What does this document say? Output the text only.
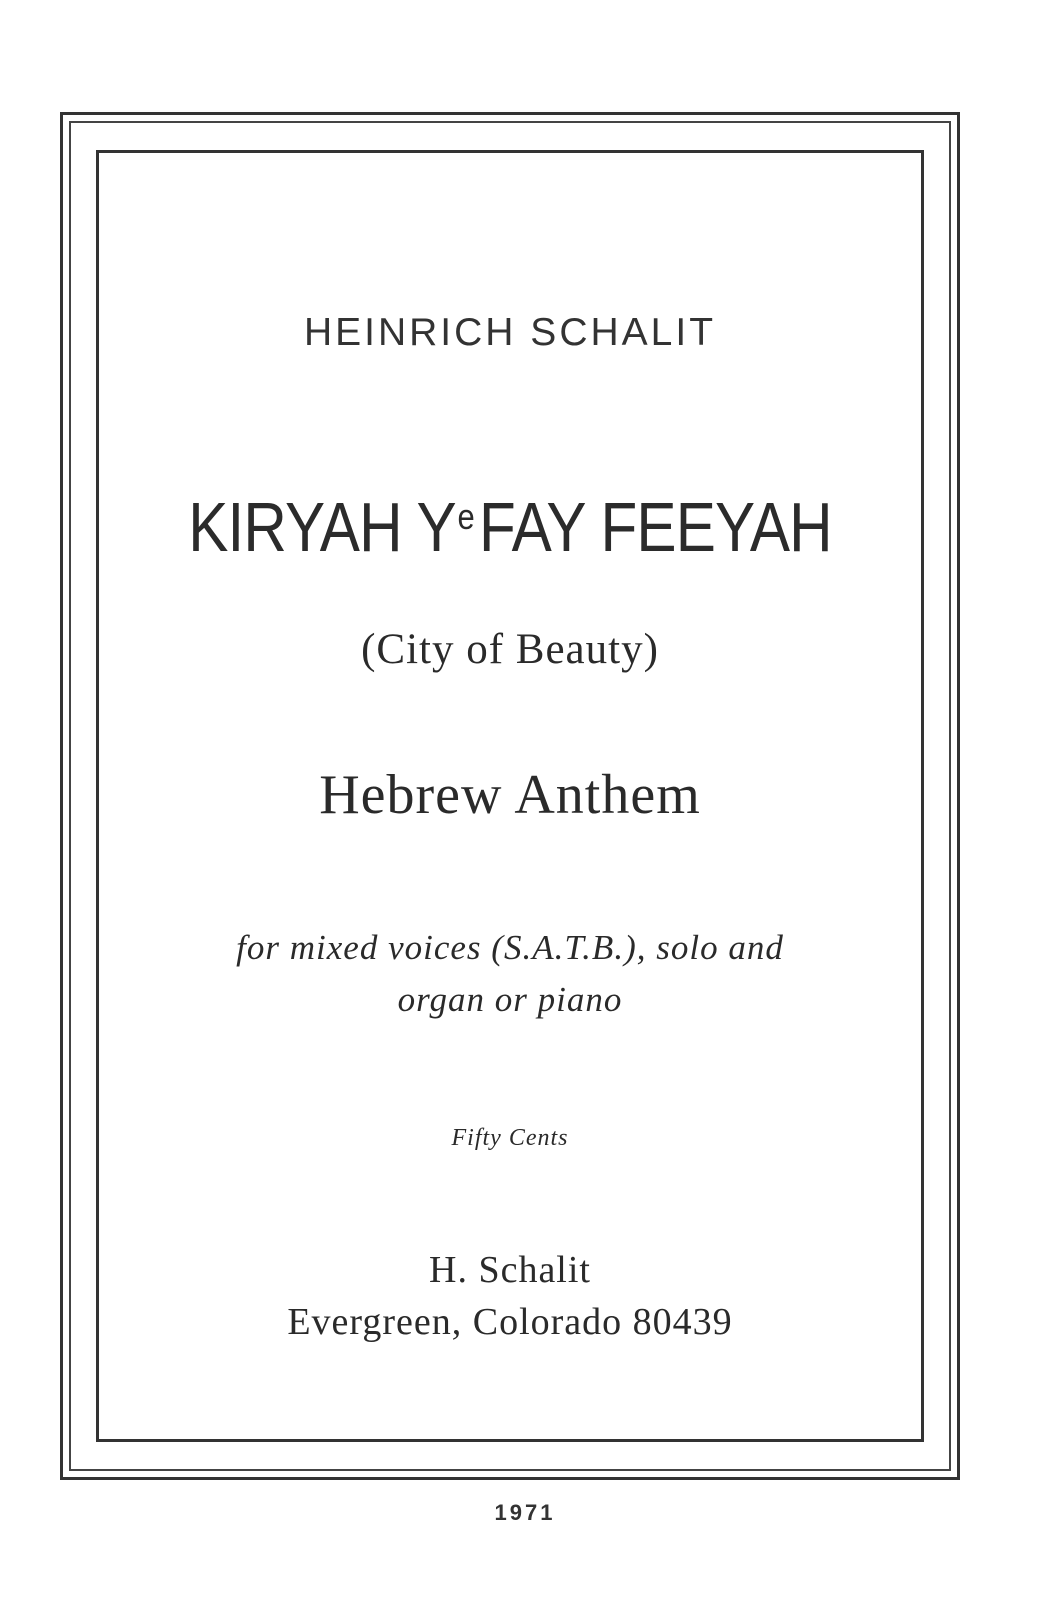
HEINRICH SCHALIT
KIRYAH $Y^eFAY$ FEEYAH
(City of Beauty)
Hebrew Anthem
for mixed voices (S.A.T.B.), solo and
organ or piano
Fifty Cents
H. Schalit
Evergreen, Colorado 80439
1971
